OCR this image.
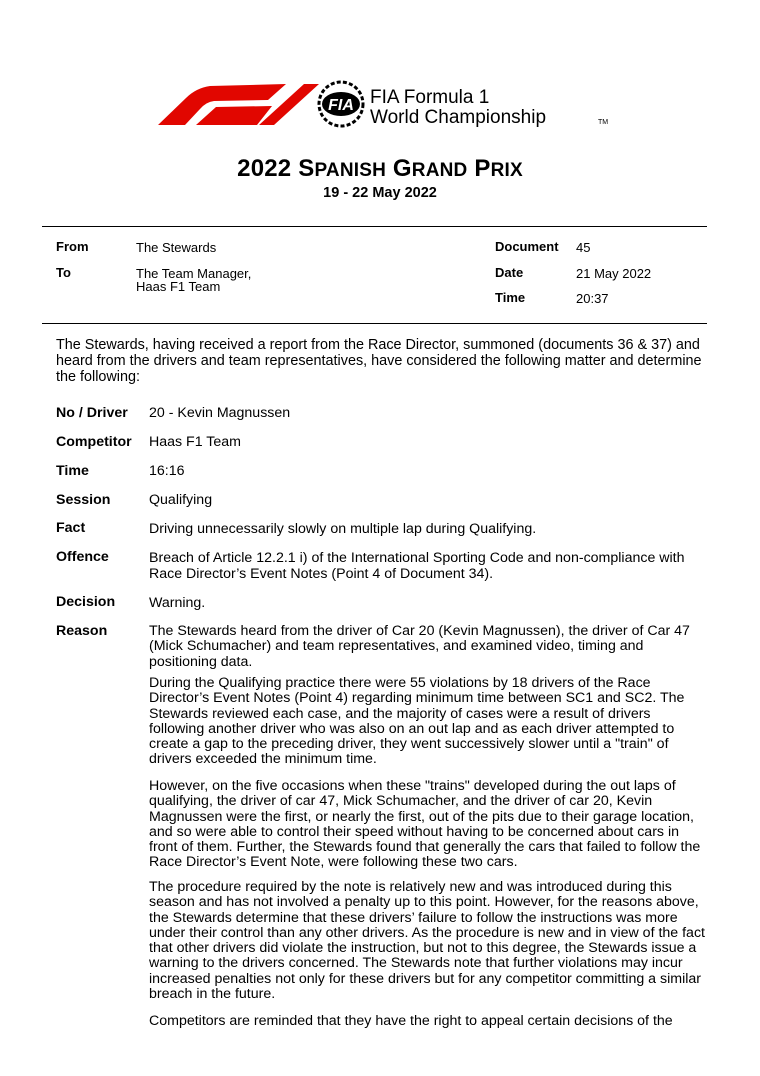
FIA FIA Formula 1
World Championship	TM
2022 SPANISH GRAND PRIX
19 - 22 May 2022
From	The Stewards
To	The Team Manager,
Haas F1 Team
Document 45
Date	21 May 2022
Time	20:37
The Stewards, having received a report from the Race Director, summoned (documents 36 & 37) and heard from the drivers and team representatives, have considered the following matter and determine the following:
No / Driver 20 - Kevin Magnussen
Competitor Haas F1 Team
Time	16:16
Session	Qualifying
Fact	Driving unnecessarily slowly on multiple lap during Qualifying.
Offence	Breach of Article 12.2.1 i) of the International Sporting Code and non-compliance with Race Director’s Event Notes (Point 4 of Document 34).
Decision Warning.
Reason	The Stewards heard from the driver of Car 20 (Kevin Magnussen), the driver of Car 47 (Mick Schumacher) and team representatives, and examined video, timing and positioning data.
During the Qualifying practice there were 55 violations by 18 drivers of the Race Director’s Event Notes (Point 4) regarding minimum time between SC1 and SC2. The Stewards reviewed each case, and the majority of cases were a result of drivers following another driver who was also on an out lap and as each driver attempted to create a gap to the preceding driver, they went successively slower until a "train" of drivers exceeded the minimum time.
However, on the five occasions when these "trains" developed during the out laps of qualifying, the driver of car 47, Mick Schumacher, and the driver of car 20, Kevin Magnussen were the first, or nearly the first, out of the pits due to their garage location, and so were able to control their speed without having to be concerned about cars in front of them. Further, the Stewards found that generally the cars that failed to follow the Race Director’s Event Note, were following these two cars.
The procedure required by the note is relatively new and was introduced during this season and has not involved a penalty up to this point. However, for the reasons above, the Stewards determine that these drivers’ failure to follow the instructions was more under their control than any other drivers. As the procedure is new and in view of the fact that other drivers did violate the instruction, but not to this degree, the Stewards issue a warning to the drivers concerned. The Stewards note that further violations may incur increased penalties not only for these drivers but for any competitor committing a similar breach in the future.
Competitors are reminded that they have the right to appeal certain decisions of the
